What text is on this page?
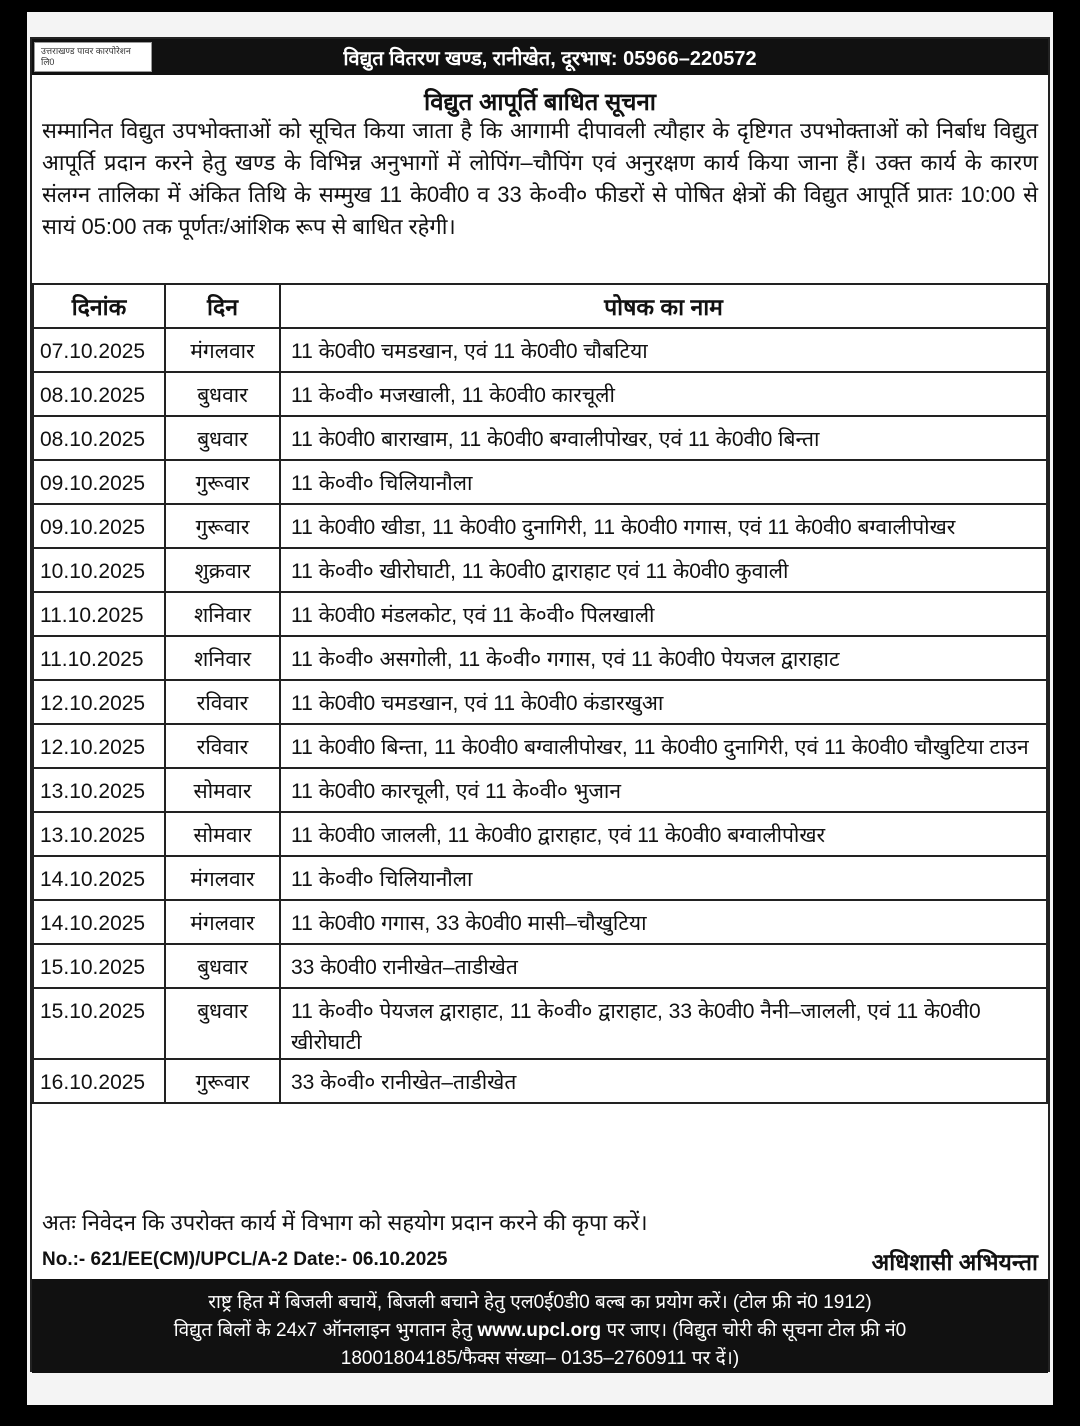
उत्तराखण्ड पावर कारपोरेशन लि0	विद्युत वितरण खण्ड, रानीखेत, दूरभाष: 05966–220572
विद्युत आपूर्ति बाधित सूचना
सम्मानित विद्युत उपभोक्ताओं को सूचित किया जाता है कि आगामी दीपावली त्यौहार के दृष्टिगत उपभोक्ताओं को निर्बाध विद्युत आपूर्ति प्रदान करने हेतु खण्ड के विभिन्न अनुभागों में लोपिंग–चौपिंग एवं अनुरक्षण कार्य किया जाना हैं। उक्त कार्य के कारण संलग्न तालिका में अंकित तिथि के सम्मुख 11 के0वी0 व 33 के०वी० फीडरों से पोषित क्षेत्रों की विद्युत आपूर्ति प्रातः 10:00 से सायं 05:00 तक पूर्णतः/आंशिक रूप से बाधित रहेगी।
दिनांक	दिन	पोषक का नाम
07.10.2025	मंगलवार	11 के0वी0 चमडखान, एवं 11 के0वी0 चौबटिया
08.10.2025	बुधवार	11 के०वी० मजखाली, 11 के0वी0 कारचूली
08.10.2025	बुधवार	11 के0वी0 बाराखाम, 11 के0वी0 बग्वालीपोखर, एवं 11 के0वी0 बिन्ता
09.10.2025	गुरूवार	11 के०वी० चिलियानौला
09.10.2025	गुरूवार	11 के0वी0 खीडा, 11 के0वी0 दुनागिरी, 11 के0वी0 गगास, एवं 11 के0वी0 बग्वालीपोखर
10.10.2025	शुक्रवार	11 के०वी० खीरोघाटी, 11 के0वी0 द्वाराहाट एवं 11 के0वी0 कुवाली
11.10.2025	शनिवार	11 के0वी0 मंडलकोट, एवं 11 के०वी० पिलखाली
11.10.2025	शनिवार	11 के०वी० असगोली, 11 के०वी० गगास, एवं 11 के0वी0 पेयजल द्वाराहाट
12.10.2025	रविवार	11 के0वी0 चमडखान, एवं 11 के0वी0 कंडारखुआ
12.10.2025	रविवार	11 के0वी0 बिन्ता, 11 के0वी0 बग्वालीपोखर, 11 के0वी0 दुनागिरी, एवं 11 के0वी0 चौखुटिया टाउन
13.10.2025	सोमवार	11 के0वी0 कारचूली, एवं 11 के०वी० भुजान
13.10.2025	सोमवार	11 के0वी0 जालली, 11 के0वी0 द्वाराहाट, एवं 11 के0वी0 बग्वालीपोखर
14.10.2025	मंगलवार	11 के०वी० चिलियानौला
14.10.2025	मंगलवार	11 के0वी0 गगास, 33 के0वी0 मासी–चौखुटिया
15.10.2025	बुधवार	33 के0वी0 रानीखेत–ताडीखेत
15.10.2025	बुधवार	11 के०वी० पेयजल द्वाराहाट, 11 के०वी० द्वाराहाट, 33 के0वी0 नैनी–जालली, एवं 11 के0वी0 खीरोघाटी
16.10.2025	गुरूवार	33 के०वी० रानीखेत–ताडीखेत
अतः निवेदन कि उपरोक्त कार्य में विभाग को सहयोग प्रदान करने की कृपा करें।
No.:- 621/EE(CM)/UPCL/A-2 Date:- 06.10.2025	अधिशासी अभियन्ता
राष्ट्र हित में बिजली बचायें, बिजली बचाने हेतु एल0ई0डी0 बल्ब का प्रयोग करें। (टोल फ्री नं0 1912)
विद्युत बिलों के 24x7 ऑनलाइन भुगतान हेतु www.upcl.org पर जाए। (विद्युत चोरी की सूचना टोल फ्री नं0
18001804185/फैक्स संख्या– 0135–2760911 पर दें।)
